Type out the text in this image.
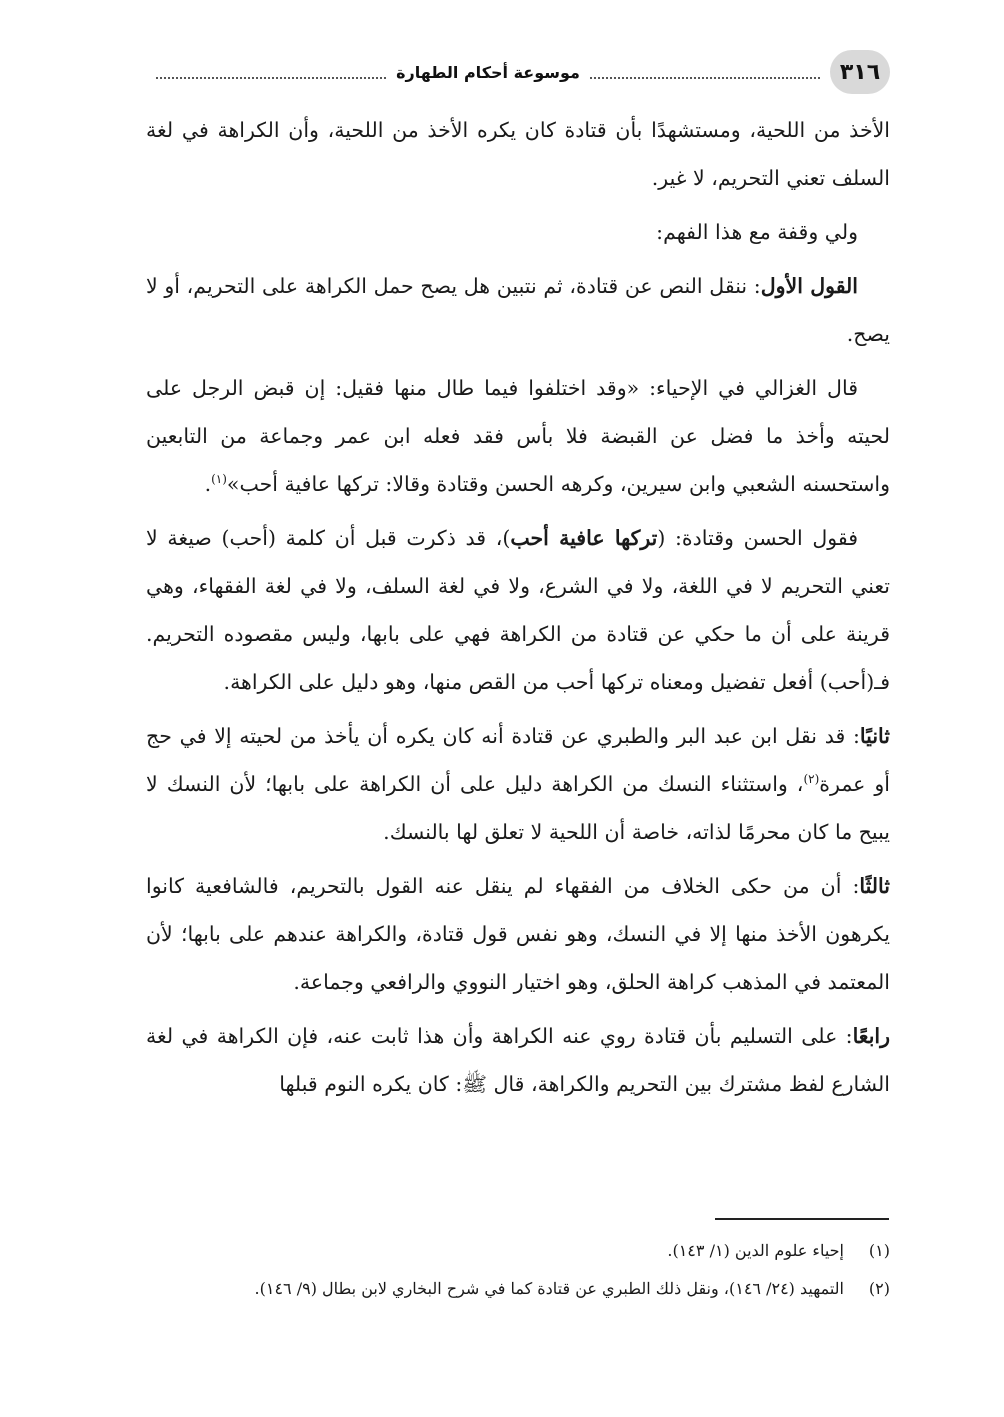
٣١٦
موسوعة أحكام الطهارة

الأخذ من اللحية، ومستشهدًا بأن قتادة كان يكره الأخذ من اللحية، وأن الكراهة في لغة السلف تعني التحريم، لا غير.

ولي وقفة مع هذا الفهم:

القول الأول: ننقل النص عن قتادة، ثم نتبين هل يصح حمل الكراهة على التحريم، أو لا يصح.

قال الغزالي في الإحياء: «وقد اختلفوا فيما طال منها فقيل: إن قبض الرجل على لحيته وأخذ ما فضل عن القبضة فلا بأس فقد فعله ابن عمر وجماعة من التابعين واستحسنه الشعبي وابن سيرين، وكرهه الحسن وقتادة وقالا: تركها عافية أحب»$^{(١)}$.

فقول الحسن وقتادة: (تركها عافية أحب)، قد ذكرت قبل أن كلمة (أحب) صيغة لا تعني التحريم لا في اللغة، ولا في الشرع، ولا في لغة السلف، ولا في لغة الفقهاء، وهي قرينة على أن ما حكي عن قتادة من الكراهة فهي على بابها، وليس مقصوده التحريم. فـ(أحب) أفعل تفضيل ومعناه تركها أحب من القص منها، وهو دليل على الكراهة.

ثانيًا: قد نقل ابن عبد البر والطبري عن قتادة أنه كان يكره أن يأخذ من لحيته إلا في حج أو عمرة$^{(٢)}$، واستثناء النسك من الكراهة دليل على أن الكراهة على بابها؛ لأن النسك لا يبيح ما كان محرمًا لذاته، خاصة أن اللحية لا تعلق لها بالنسك.

ثالثًا: أن من حكى الخلاف من الفقهاء لم ينقل عنه القول بالتحريم، فالشافعية كانوا يكرهون الأخذ منها إلا في النسك، وهو نفس قول قتادة، والكراهة عندهم على بابها؛ لأن المعتمد في المذهب كراهة الحلق، وهو اختيار النووي والرافعي وجماعة.

رابعًا: على التسليم بأن قتادة روي عنه الكراهة وأن هذا ثابت عنه، فإن الكراهة في لغة الشارع لفظ مشترك بين التحريم والكراهة، قال ﷺ: كان يكره النوم قبلها

(١)
إحياء علوم الدين (١/ ١٤٣).

(٢)
التمهيد (٢٤/ ١٤٦)، ونقل ذلك الطبري عن قتادة كما في شرح البخاري لابن بطال (٩/ ١٤٦).
